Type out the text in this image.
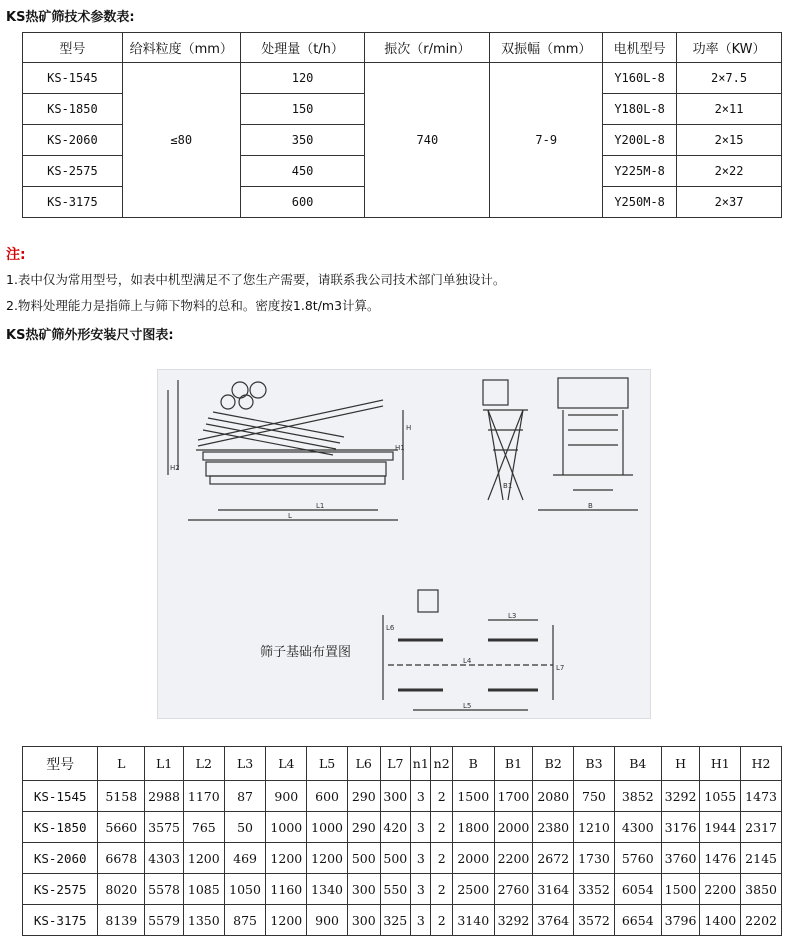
KS热矿筛技术参数表:
型号	给料粒度（mm）	处理量（t/h）	振次（r/min）	双振幅（mm）	电机型号	功率（KW）
KS-1545	≤80	120	740	7-9	Y160L-8	2×7.5
KS-1850		150			Y180L-8	2×11
KS-2060		350			Y200L-8	2×15
KS-2575		450			Y225M-8	2×22
KS-3175		600			Y250M-8	2×37
注:
1.表中仅为常用型号，如表中机型满足不了您生产需要，请联系我公司技术部门单独设计。
2.物料处理能力是指筛上与筛下物料的总和。密度按1.8t/m3计算。
KS热矿筛外形安装尺寸图表:
L1
L
H2
H1
H
B1
B
L3
L4
L5
L6
L7
筛子基础布置图
型号	L	L1	L2	L3	L4	L5	L6	L7	n1	n2	B	B1	B2	B3	B4	H	H1	H2
KS-1545	5158	2988	1170	87	900	600	290	300	3	2	1500	1700	2080	750	3852	3292	1055	1473
KS-1850	5660	3575	765	50	1000	1000	290	420	3	2	1800	2000	2380	1210	4300	3176	1944	2317
KS-2060	6678	4303	1200	469	1200	1200	500	500	3	2	2000	2200	2672	1730	5760	3760	1476	2145
KS-2575	8020	5578	1085	1050	1160	1340	300	550	3	2	2500	2760	3164	3352	6054	1500	2200	3850
KS-3175	8139	5579	1350	875	1200	900	300	325	3	2	3140	3292	3764	3572	6654	3796	1400	2202
